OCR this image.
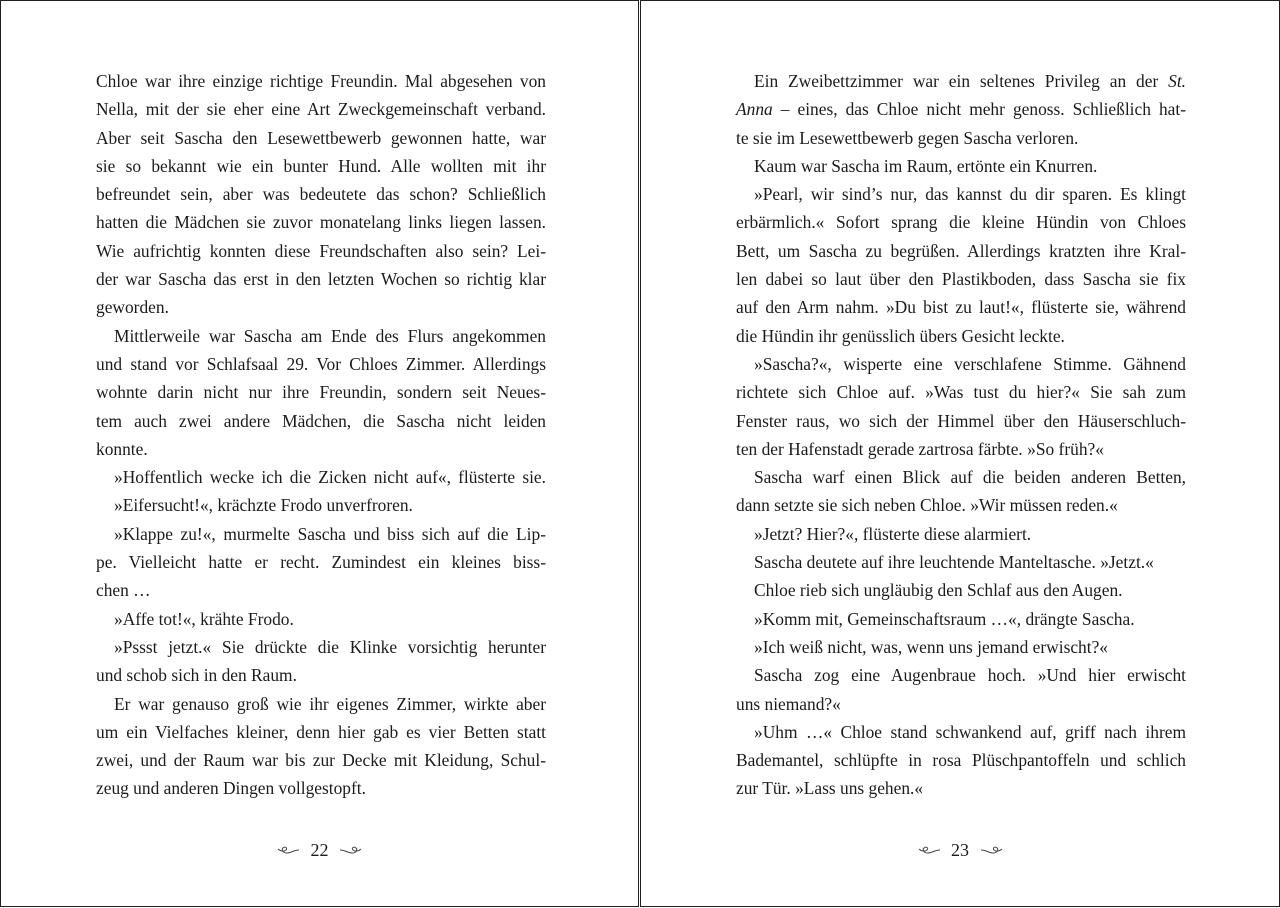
Chloe war ihre einzige richtige Freundin. Mal abgesehen von
Nella, mit der sie eher eine Art Zweckgemeinschaft verband.
Aber seit Sascha den Lesewettbewerb gewonnen hatte, war
sie so bekannt wie ein bunter Hund. Alle wollten mit ihr
befreundet sein, aber was bedeutete das schon? Schließlich
hatten die Mädchen sie zuvor monatelang links liegen lassen.
Wie aufrichtig konnten diese Freundschaften also sein? Lei-
der war Sascha das erst in den letzten Wochen so richtig klar
geworden.
Mittlerweile war Sascha am Ende des Flurs angekommen
und stand vor Schlafsaal 29. Vor Chloes Zimmer. Allerdings
wohnte darin nicht nur ihre Freundin, sondern seit Neues-
tem auch zwei andere Mädchen, die Sascha nicht leiden
konnte.
»Hoffentlich wecke ich die Zicken nicht auf«, flüsterte sie.
»Eifersucht!«, krächzte Frodo unverfroren.
»Klappe zu!«, murmelte Sascha und biss sich auf die Lip-
pe. Vielleicht hatte er recht. Zumindest ein kleines biss-
chen …
»Affe tot!«, krähte Frodo.
»Pssst jetzt.« Sie drückte die Klinke vorsichtig herunter
und schob sich in den Raum.
Er war genauso groß wie ihr eigenes Zimmer, wirkte aber
um ein Vielfaches kleiner, denn hier gab es vier Betten statt
zwei, und der Raum war bis zur Decke mit Kleidung, Schul-
zeug und anderen Dingen vollgestopft.
22
Ein Zweibettzimmer war ein seltenes Privileg an der St.
Anna – eines, das Chloe nicht mehr genoss. Schließlich hat-
te sie im Lesewettbewerb gegen Sascha verloren.
Kaum war Sascha im Raum, ertönte ein Knurren.
»Pearl, wir sind’s nur, das kannst du dir sparen. Es klingt
erbärmlich.« Sofort sprang die kleine Hündin von Chloes
Bett, um Sascha zu begrüßen. Allerdings kratzten ihre Kral-
len dabei so laut über den Plastikboden, dass Sascha sie fix
auf den Arm nahm. »Du bist zu laut!«, flüsterte sie, während
die Hündin ihr genüsslich übers Gesicht leckte.
»Sascha?«, wisperte eine verschlafene Stimme. Gähnend
richtete sich Chloe auf. »Was tust du hier?« Sie sah zum
Fenster raus, wo sich der Himmel über den Häuserschluch-
ten der Hafenstadt gerade zartrosa färbte. »So früh?«
Sascha warf einen Blick auf die beiden anderen Betten,
dann setzte sie sich neben Chloe. »Wir müssen reden.«
»Jetzt? Hier?«, flüsterte diese alarmiert.
Sascha deutete auf ihre leuchtende Manteltasche. »Jetzt.«
Chloe rieb sich ungläubig den Schlaf aus den Augen.
»Komm mit, Gemeinschaftsraum …«, drängte Sascha.
»Ich weiß nicht, was, wenn uns jemand erwischt?«
Sascha zog eine Augenbraue hoch. »Und hier erwischt
uns niemand?«
»Uhm …« Chloe stand schwankend auf, griff nach ihrem
Bademantel, schlüpfte in rosa Plüschpantoffeln und schlich
zur Tür. »Lass uns gehen.«
23
